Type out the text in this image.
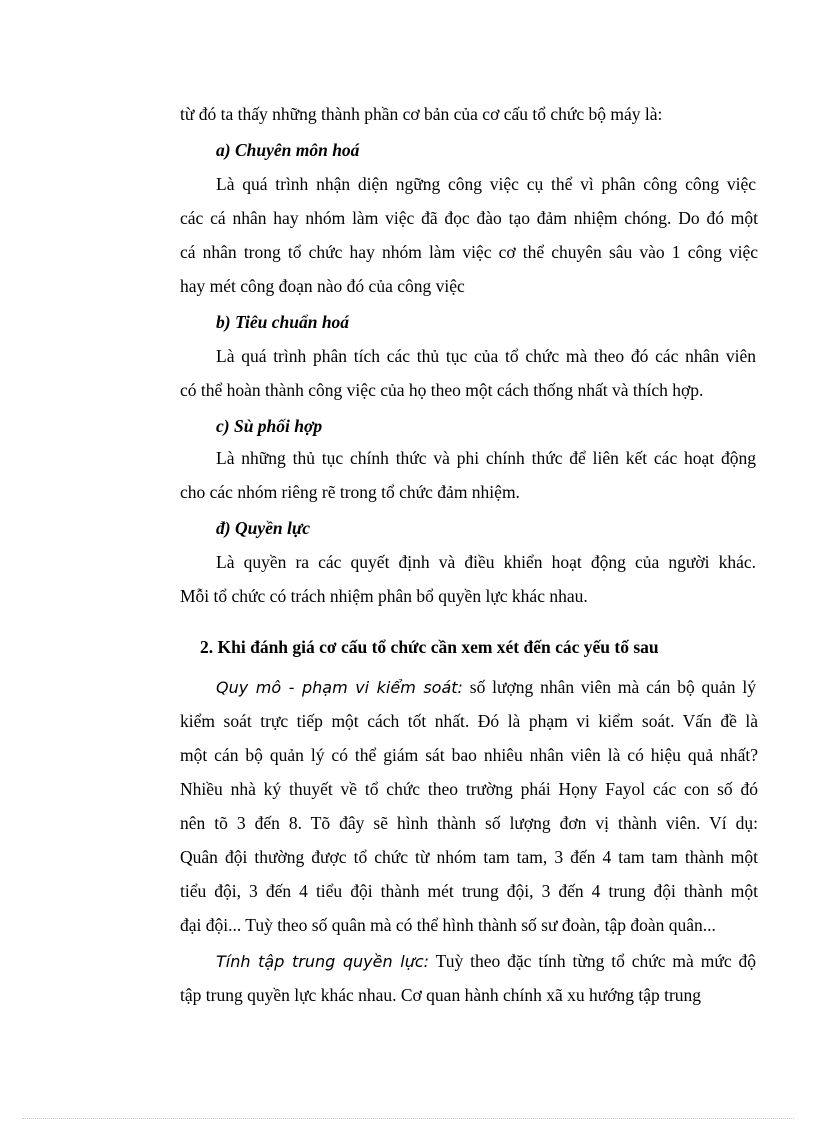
từ đó ta thấy những thành phần cơ bản của cơ cấu tổ chức bộ máy là:
a) Chuyên môn hoá
Là quá trình nhận diện ngững công việc cụ thể vì phân công công việc
các cá nhân hay nhóm làm việc đã đọc đào tạo đảm nhiệm chóng. Do đó một
cá nhân trong tổ chức hay nhóm làm việc cơ thể chuyên sâu vào 1 công việc
hay mét công đoạn nào đó của công việc
b) Tiêu chuẩn hoá
Là quá trình phân tích các thủ tục của tổ chức mà theo đó các nhân viên
có thể hoàn thành công việc của họ theo một cách thống nhất và thích hợp.
c) Sù phối hợp
Là những thủ tục chính thức và phi chính thức để liên kết các hoạt động
cho các nhóm riêng rẽ trong tổ chức đảm nhiệm.
đ) Quyền lực
Là quyền ra các quyết định và điều khiển hoạt động của người khác.
Mỗi tổ chức có trách nhiệm phân bổ quyền lực khác nhau.
2. Khi đánh giá cơ cấu tổ chức cần xem xét đến các yếu tố sau
Quy mô - phạm vi kiểm soát: số lượng nhân viên mà cán bộ quản lý
kiểm soát trực tiếp một cách tốt nhất. Đó là phạm vi kiểm soát. Vấn đề là
một cán bộ quản lý có thể giám sát bao nhiêu nhân viên là có hiệu quả nhất?
Nhiều nhà ký thuyết về tổ chức theo trường phái Họny Fayol các con số đó
nên tõ 3 đến 8. Tõ đây sẽ hình thành số lượng đơn vị thành viên. Ví dụ:
Quân đội thường được tổ chức từ nhóm tam tam, 3 đến 4 tam tam thành một
tiểu đội, 3 đến 4 tiểu đội thành mét trung đội, 3 đến 4 trung đội thành một
đại đội... Tuỳ theo số quân mà có thể hình thành số sư đoàn, tập đoàn quân...
Tính tập trung quyền lực: Tuỳ theo đặc tính từng tổ chức mà mức độ
tập trung quyền lực khác nhau. Cơ quan hành chính xã xu hướng tập trung
